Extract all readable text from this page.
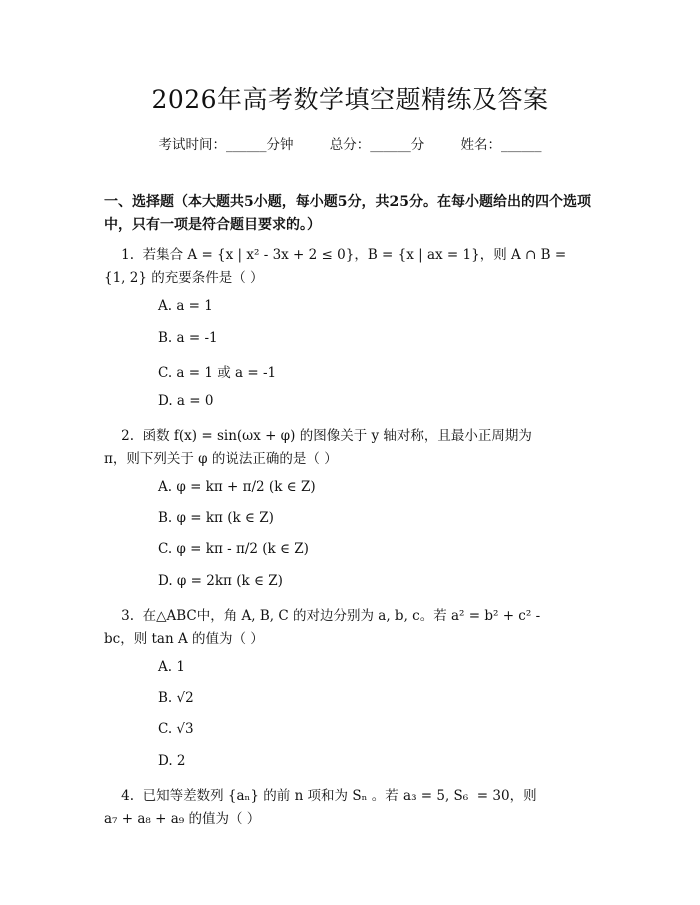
2026年高考数学填空题精练及答案
考试时间：______分钟	总分：______分	姓名：______
一、选择题（本大题共5小题，每小题5分，共25分。在每小题给出的四个选项
中，只有一项是符合题目要求的。）
1.  若集合 A = {x | x² - 3x + 2 ≤ 0}，B = {x | ax = 1}，则 A ∩ B =
{1, 2} 的充要条件是（ ）
A. a = 1
B. a = -1
C. a = 1 或 a = -1
D. a = 0
2.  函数 f(x) = sin(ωx + φ) 的图像关于 y 轴对称，且最小正周期为
π，则下列关于 φ 的说法正确的是（ ）
A. φ = kπ + π/2 (k ∈ Z)
B. φ = kπ (k ∈ Z)
C. φ = kπ - π/2 (k ∈ Z)
D. φ = 2kπ (k ∈ Z)
3.  在△ABC中，角 A, B, C 的对边分别为 a, b, c。若 a² = b² + c² -
bc，则 tan A 的值为（ ）
A. 1
B. √2
C. √3
D. 2
4.  已知等差数列 {aₙ} 的前 n 项和为 Sₙ 。若 a₃ = 5, S₆  = 30，则
a₇ + a₈ + a₉ 的值为（ ）
